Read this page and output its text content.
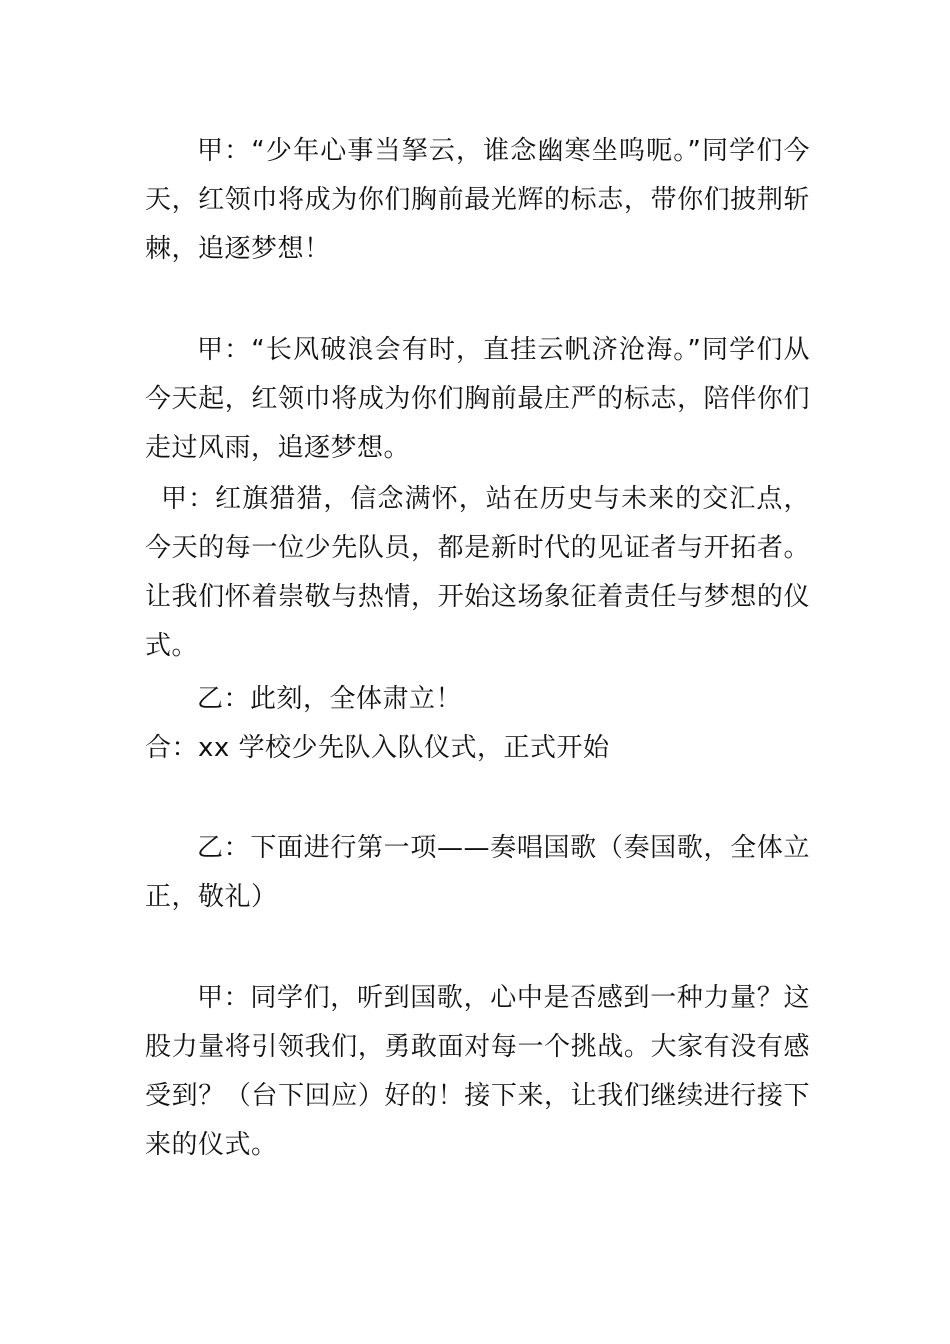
甲：“少年心事当拏云，谁念幽寒坐呜呃。”同学们今天，红领巾将成为你们胸前最光辉的标志，带你们披荆斩棘，追逐梦想！

甲：“长风破浪会有时，直挂云帆济沧海。”同学们从今天起，红领巾将成为你们胸前最庄严的标志，陪伴你们走过风雨，追逐梦想。

甲：红旗猎猎，信念满怀，站在历史与未来的交汇点，今天的每一位少先队员，都是新时代的见证者与开拓者。让我们怀着崇敬与热情，开始这场象征着责任与梦想的仪式。

乙：此刻，全体肃立！

合：xx 学校少先队入队仪式，正式开始

乙：下面进行第一项——奏唱国歌（奏国歌，全体立正，敬礼）

甲：同学们，听到国歌，心中是否感到一种力量？这股力量将引领我们，勇敢面对每一个挑战。大家有没有感受到？（台下回应）好的！接下来，让我们继续进行接下来的仪式。
